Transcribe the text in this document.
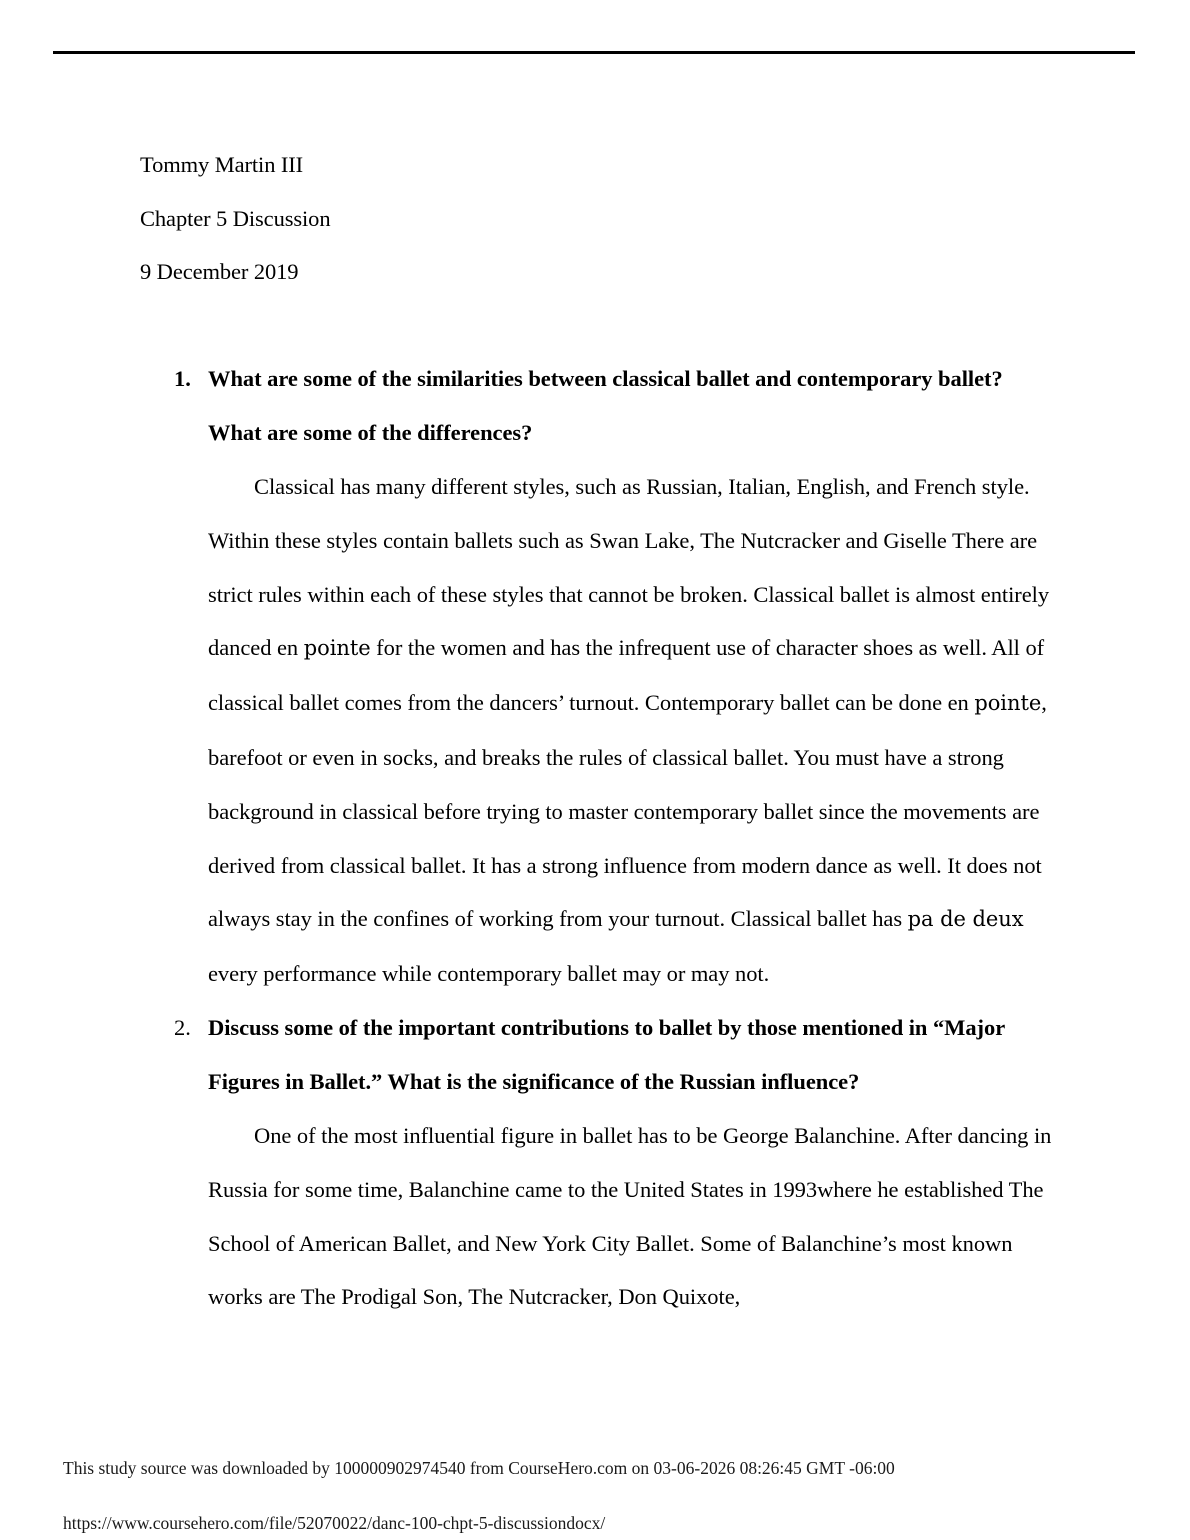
Tommy Martin III
Chapter 5 Discussion
9 December 2019
1. What are some of the similarities between classical ballet and contemporary ballet?
What are some of the differences?
Classical has many different styles, such as Russian, Italian, English, and French style. Within these styles contain ballets such as Swan Lake, The Nutcracker and Giselle There are strict rules within each of these styles that cannot be broken. Classical ballet is almost entirely danced en pointe for the women and has the infrequent use of character shoes as well. All of classical ballet comes from the dancers’ turnout. Contemporary ballet can be done en pointe, barefoot or even in socks, and breaks the rules of classical ballet. You must have a strong background in classical before trying to master contemporary ballet since the movements are derived from classical ballet. It has a strong influence from modern dance as well. It does not always stay in the confines of working from your turnout. Classical ballet has pa de deux every performance while contemporary ballet may or may not.
2. Discuss some of the important contributions to ballet by those mentioned in “Major
Figures in Ballet.” What is the significance of the Russian influence?
One of the most influential figure in ballet has to be George Balanchine. After dancing in Russia for some time, Balanchine came to the United States in 1993where he established The School of American Ballet, and New York City Ballet. Some of Balanchine’s most known works are The Prodigal Son, The Nutcracker, Don Quixote,
This study source was downloaded by 100000902974540 from CourseHero.com on 03-06-2026 08:26:45 GMT -06:00
https://www.coursehero.com/file/52070022/danc-100-chpt-5-discussiondocx/
